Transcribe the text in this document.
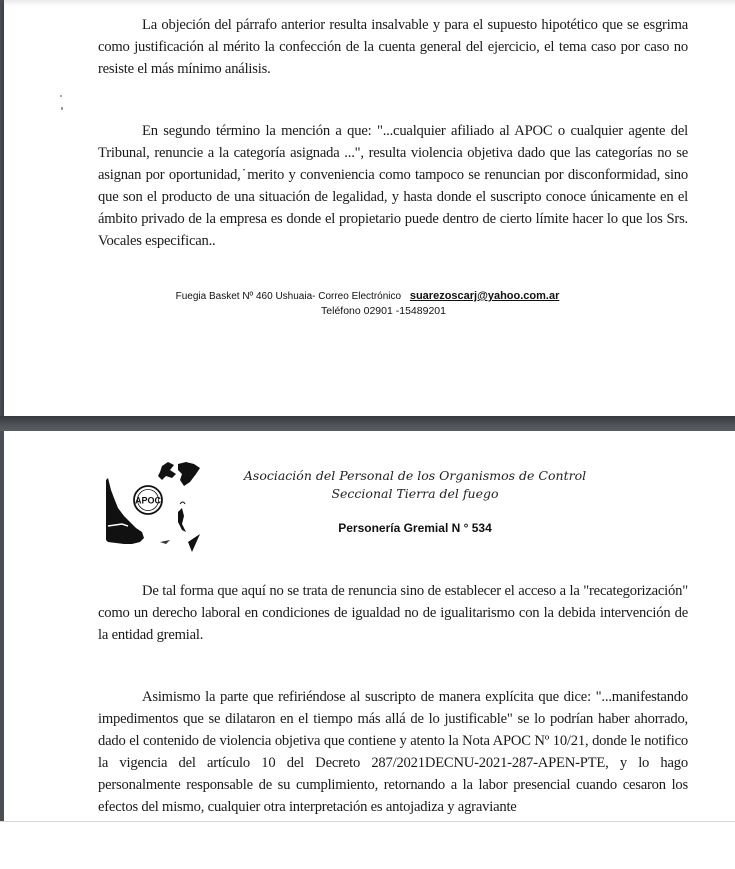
La objeción del párrafo anterior resulta insalvable y para el supuesto hipotético que se esgrima como justificación al mérito la confección de la cuenta general del ejercicio, el tema caso por caso no resiste el más mínimo análisis.

En segundo término la mención a que: "...cualquier afiliado al APOC o cualquier agente del Tribunal, renuncie a la categoría asignada ...", resulta violencia objetiva dado que las categorías no se asignan por oportunidad,˙merito y conveniencia como tampoco se renuncian por disconformidad, sino que son el producto de una situación de legalidad, y hasta donde el suscripto conoce únicamente en el ámbito privado de la empresa es donde el propietario puede dentro de cierto límite hacer lo que los Srs. Vocales especifican..

Fuegia Basket Nº 460 Ushuaia- Correo Electrónico suarezoscarj@yahoo.com.ar
Teléfono 02901 -15489201
APOC
Asociación del Personal de los Organismos de Control
Seccional Tierra del fuego
Personería Gremial N ° 534

De tal forma que aquí no se trata de renuncia sino de establecer el acceso a la "recategorización" como un derecho laboral en condiciones de igualdad no de igualitarismo con la debida intervención de la entidad gremial.

Asimismo la parte que refiriéndose al suscripto de manera explícita que dice: "...manifestando impedimentos que se dilataron en el tiempo más allá de lo justificable" se lo podrían haber ahorrado, dado el contenido de violencia objetiva que contiene y atento la Nota APOC Nº 10/21, donde le notifico la vigencia del artículo 10 del Decreto 287/2021DECNU-2021-287-APEN-PTE, y lo hago personalmente responsable de su cumplimiento, retornando a la labor presencial cuando cesaron los efectos del mismo, cualquier otra interpretación es antojadiza y agraviante
